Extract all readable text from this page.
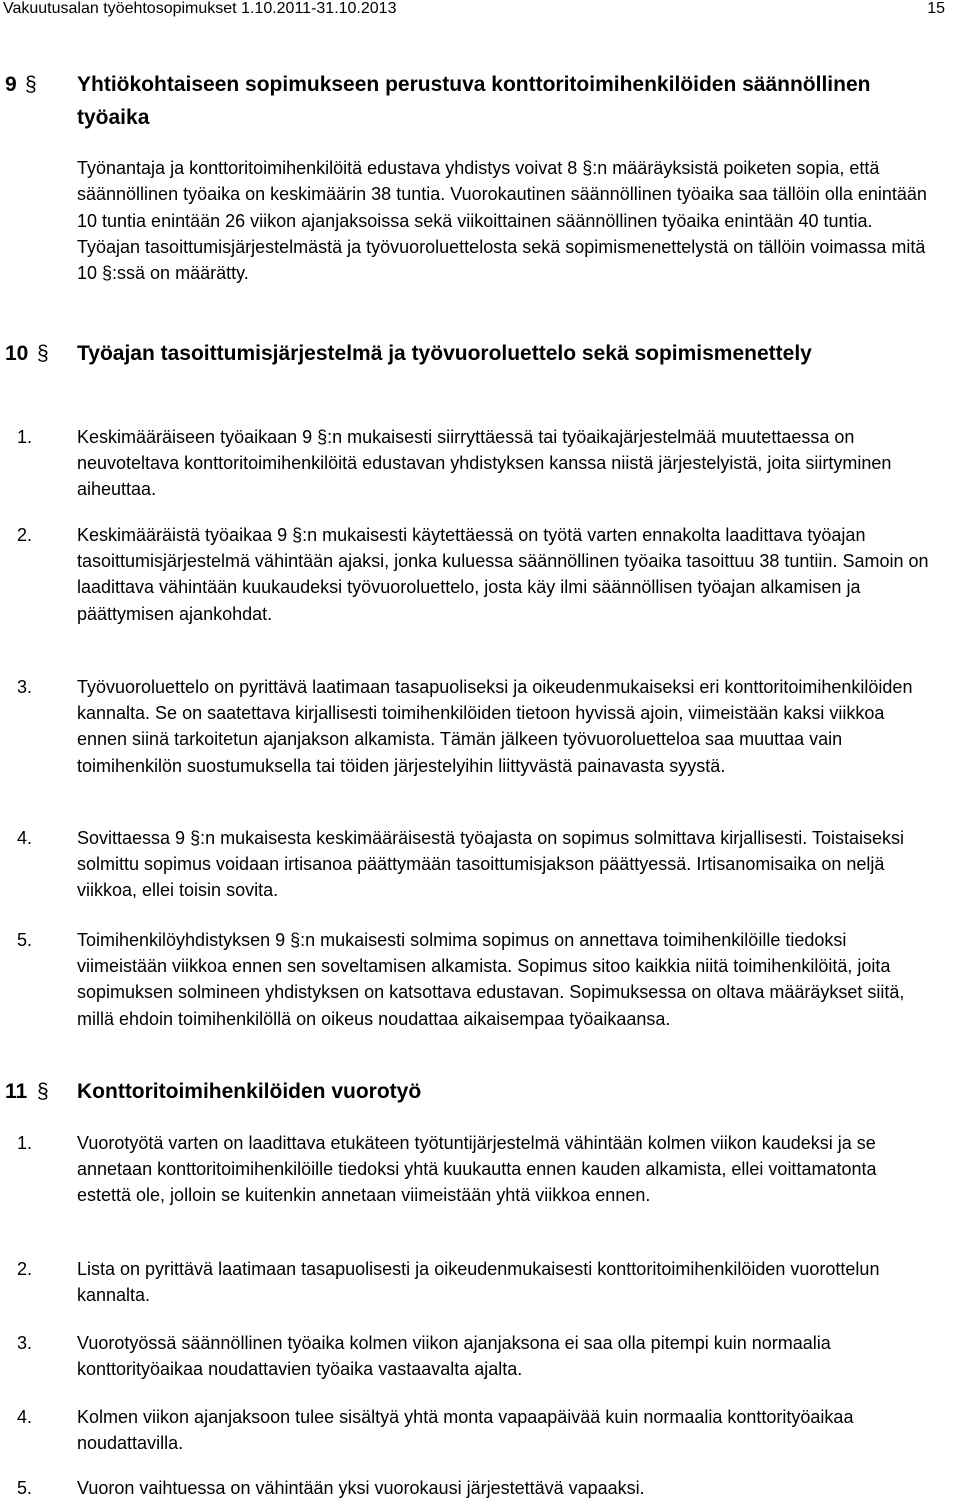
Vakuutusalan työehtosopimukset 1.10.2011-31.10.2013	15
9 § Yhtiökohtaiseen sopimukseen perustuva konttoritoimihenkilöiden säännöllinen työaika
Työnantaja ja konttoritoimihenkilöitä edustava yhdistys voivat 8 §:n määräyksistä poiketen sopia, että säännöllinen työaika on keskimäärin 38 tuntia. Vuorokautinen säännöllinen työaika saa tällöin olla enintään 10 tuntia enintään 26 viikon ajanjaksoissa sekä viikoittainen säännöllinen työaika enintään 40 tuntia. Työajan tasoittumisjärjestelmästä ja työvuoroluettelosta sekä sopimismenettelystä on tällöin voimassa mitä 10 §:ssä on määrätty.
10 § Työajan tasoittumisjärjestelmä ja työvuoroluettelo sekä sopimismenettely
1. Keskimääräiseen työaikaan 9 §:n mukaisesti siirryttäessä tai työaikajärjestelmää muutettaessa on neuvoteltava konttoritoimihenkilöitä edustavan yhdistyksen kanssa niistä järjestelyistä, joita siirtyminen aiheuttaa.
2. Keskimääräistä työaikaa 9 §:n mukaisesti käytettäessä on työtä varten ennakolta laadittava työajan tasoittumisjärjestelmä vähintään ajaksi, jonka kuluessa säännöllinen työaika tasoittuu 38 tuntiin. Samoin on laadittava vähintään kuukaudeksi työvuoroluettelo, josta käy ilmi säännöllisen työajan alkamisen ja päättymisen ajankohdat.
3. Työvuoroluettelo on pyrittävä laatimaan tasapuoliseksi ja oikeudenmukaiseksi eri konttoritoimihenkilöiden kannalta. Se on saatettava kirjallisesti toimihenkilöiden tietoon hyvissä ajoin, viimeistään kaksi viikkoa ennen siinä tarkoitetun ajanjakson alkamista. Tämän jälkeen työvuoroluetteloa saa muuttaa vain toimihenkilön suostumuksella tai töiden järjestelyihin liittyvästä painavasta syystä.
4. Sovittaessa 9 §:n mukaisesta keskimääräisestä työajasta on sopimus solmittava kirjallisesti. Toistaiseksi solmittu sopimus voidaan irtisanoa päättymään tasoittumisjakson päättyessä. Irtisanomisaika on neljä viikkoa, ellei toisin sovita.
5. Toimihenkilöyhdistyksen 9 §:n mukaisesti solmima sopimus on annettava toimihenkilöille tiedoksi viimeistään viikkoa ennen sen soveltamisen alkamista. Sopimus sitoo kaikkia niitä toimihenkilöitä, joita sopimuksen solmineen yhdistyksen on katsottava edustavan. Sopimuksessa on oltava määräykset siitä, millä ehdoin toimihenkilöllä on oikeus noudattaa aikaisempaa työaikaansa.
11 § Konttoritoimihenkilöiden vuorotyö
1. Vuorotyötä varten on laadittava etukäteen työtuntijärjestelmä vähintään kolmen viikon kaudeksi ja se annetaan konttoritoimihenkilöille tiedoksi yhtä kuukautta ennen kauden alkamista, ellei voittamatonta estettä ole, jolloin se kuitenkin annetaan viimeistään yhtä viikkoa ennen.
2. Lista on pyrittävä laatimaan tasapuolisesti ja oikeudenmukaisesti konttoritoimihenkilöiden vuorottelun kannalta.
3. Vuorotyössä säännöllinen työaika kolmen viikon ajanjaksona ei saa olla pitempi kuin normaalia konttorityöaikaa noudattavien työaika vastaavalta ajalta.
4. Kolmen viikon ajanjaksoon tulee sisältyä yhtä monta vapaapäivää kuin normaalia konttorityöaikaa noudattavilla.
5. Vuoron vaihtuessa on vähintään yksi vuorokausi järjestettävä vapaaksi.
